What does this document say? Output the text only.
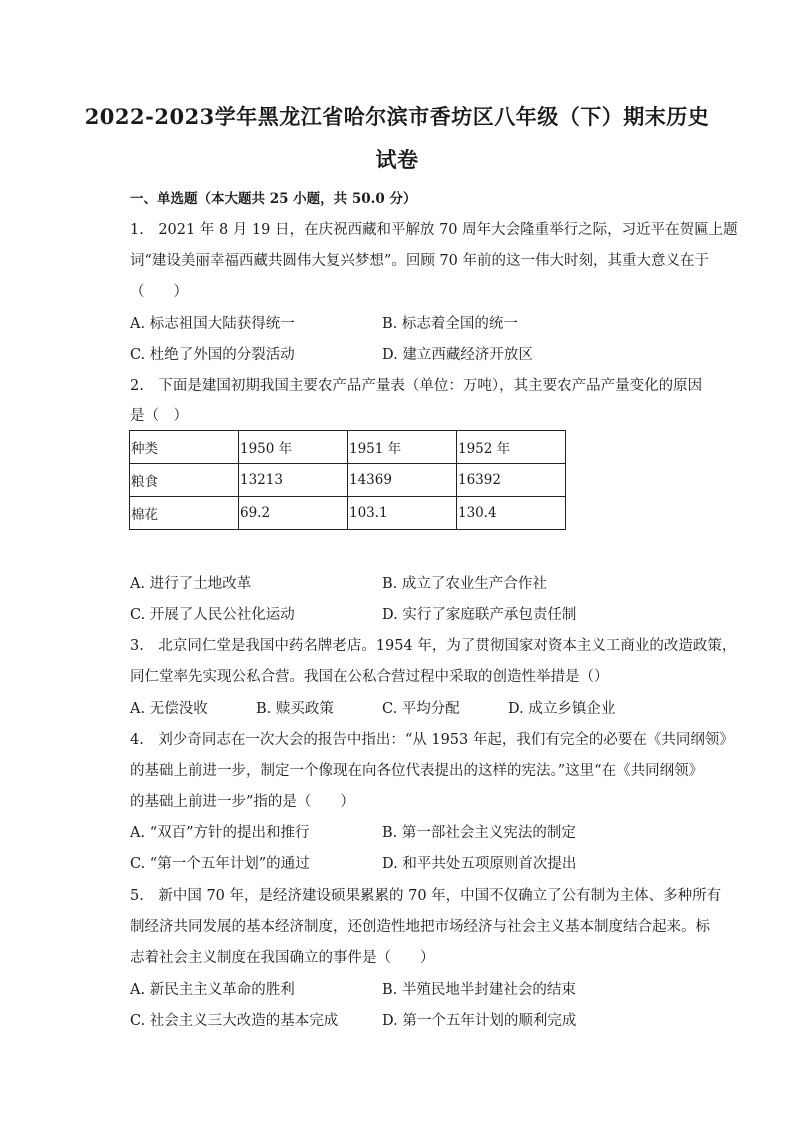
2022-2023学年黑龙江省哈尔滨市香坊区八年级（下）期末历史
试卷
一、单选题（本大题共 25 小题，共 50.0 分）
1.　2021 年 8 月 19 日，在庆祝西藏和平解放 70 周年大会隆重举行之际，习近平在贺匾上题
词“建设美丽幸福西藏共圆伟大复兴梦想”。回顾 70 年前的这一伟大时刻，其重大意义在于
（　　）
A. 标志祖国大陆获得统一	B. 标志着全国的统一
C. 杜绝了外国的分裂活动	D. 建立西藏经济开放区
2.　下面是建国初期我国主要农产品产量表（单位：万吨），其主要农产品产量变化的原因
是（　）
种类	1950 年	1951 年	1952 年
粮食	13213	14369	16392
棉花	69.2	103.1	130.4
A. 进行了土地改革	B. 成立了农业生产合作社
C. 开展了人民公社化运动	D. 实行了家庭联产承包责任制
3.　北京同仁堂是我国中药名牌老店。1954 年，为了贯彻国家对资本主义工商业的改造政策，
同仁堂率先实现公私合营。我国在公私合营过程中采取的创造性举措是（）
A. 无偿没收	B. 赎买政策	C. 平均分配	D. 成立乡镇企业
4.　刘少奇同志在一次大会的报告中指出：“从 1953 年起，我们有完全的必要在《共同纲领》
的基础上前进一步，制定一个像现在向各位代表提出的这样的宪法。”这里“在《共同纲领》
的基础上前进一步”指的是（　　）
A. “双百”方针的提出和推行	B. 第一部社会主义宪法的制定
C. “第一个五年计划”的通过	D. 和平共处五项原则首次提出
5.　新中国 70 年，是经济建设硕果累累的 70 年，中国不仅确立了公有制为主体、多种所有
制经济共同发展的基本经济制度，还创造性地把市场经济与社会主义基本制度结合起来。标
志着社会主义制度在我国确立的事件是（　　）
A. 新民主主义革命的胜利	B. 半殖民地半封建社会的结束
C. 社会主义三大改造的基本完成	D. 第一个五年计划的顺利完成
